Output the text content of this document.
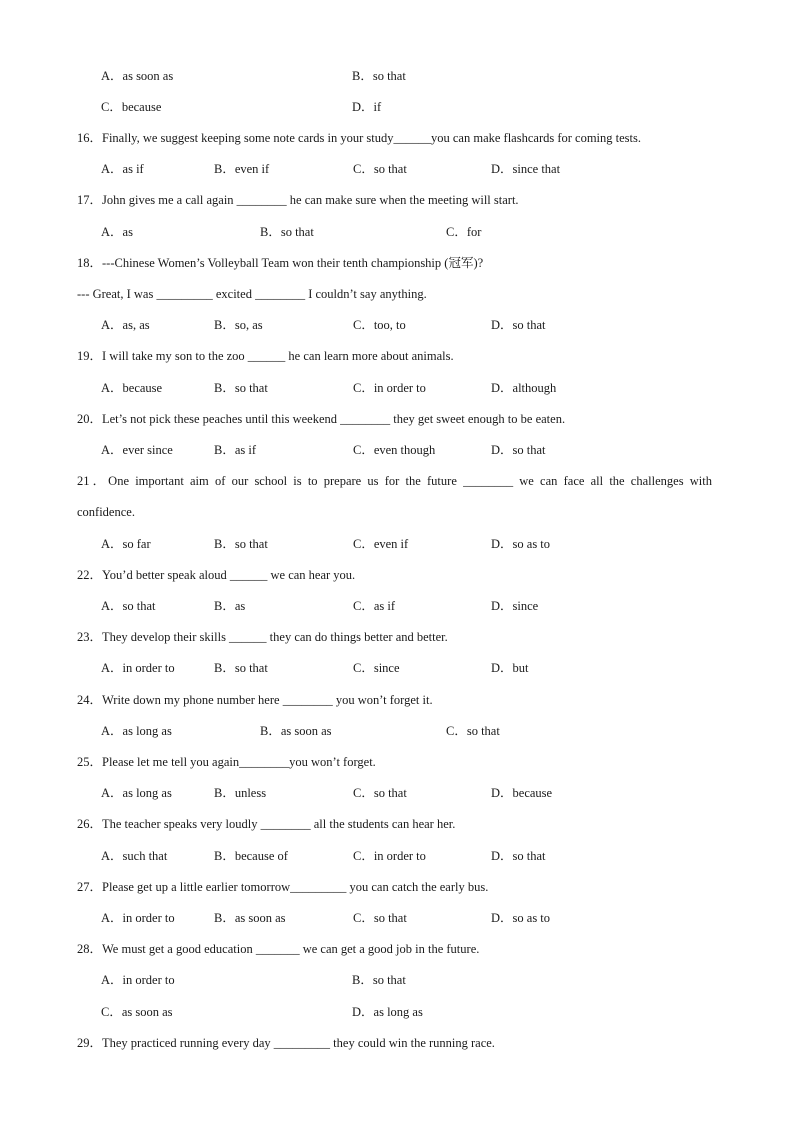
A．as soon as	B．so that
C．because	D．if
16．Finally, we suggest keeping some note cards in your study______you can make flashcards for coming tests.
A．as if	B．even if	C．so that	D．since that
17．John gives me a call again ________ he can make sure when the meeting will start.
A．as	B．so that	C．for
18．---Chinese Women’s Volleyball Team won their tenth championship (冠军)?
--- Great, I was _________ excited ________ I couldn’t say anything.
A．as, as	B．so, as	C．too, to	D．so that
19．I will take my son to the zoo ______ he can learn more about animals.
A．because	B．so that	C．in order to	D．although
20．Let’s not pick these peaches until this weekend ________ they get sweet enough to be eaten.
A．ever since	B．as if	C．even though	D．so that
21．One important aim of our school is to prepare us for the future ________ we can face all the challenges with
confidence.
A．so far	B．so that	C．even if	D．so as to
22．You’d better speak aloud ______ we can hear you.
A．so that	B．as	C．as if	D．since
23．They develop their skills ______ they can do things better and better.
A．in order to	B．so that	C．since	D．but
24．Write down my phone number here ________ you won’t forget it.
A．as long as	B．as soon as	C．so that
25．Please let me tell you again________you won’t forget.
A．as long as	B．unless	C．so that	D．because
26．The teacher speaks very loudly ________ all the students can hear her.
A．such that	B．because of	C．in order to	D．so that
27．Please get up a little earlier tomorrow_________ you can catch the early bus.
A．in order to	B．as soon as	C．so that	D．so as to
28．We must get a good education _______ we can get a good job in the future.
A．in order to	B．so that
C．as soon as	D．as long as
29．They practiced running every day _________ they could win the running race.
